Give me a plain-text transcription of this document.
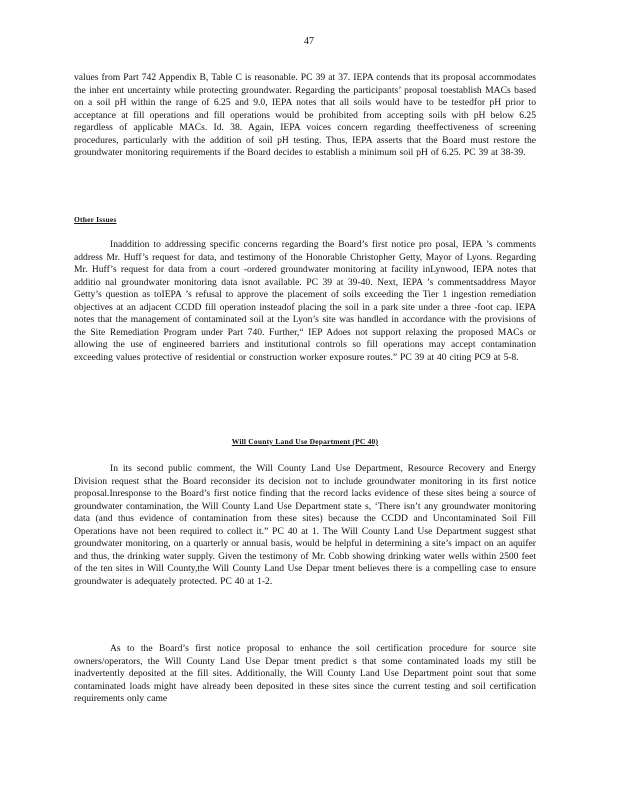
47

values from Part 742 Appendix B, Table C is reasonable. PC 39 at 37. IEPA contends that its proposal accommodates the inher ent uncertainty while protecting groundwater. Regarding the participants’ proposal toestablish MACs based on a soil pH within the range of 6.25 and 9.0, IEPA notes that all soils would have to be testedfor pH prior to acceptance at fill operations and fill operations would be prohibited from accepting soils with pH below 6.25 regardless of applicable MACs. Id. 38. Again, IEPA voices concern regarding theeffectiveness of screening procedures, particularly with the addition of soil pH testing. Thus, IEPA asserts that the Board must restore the groundwater monitoring requirements if the Board decides to establish a minimum soil pH of 6.25. PC 39 at 38-39.

Other Issues

Inaddition to addressing specific concerns regarding the Board’s first notice pro posal, IEPA ’s comments address Mr. Huff’s request for data, and testimony of the Honorable Christopher Getty, Mayor of Lyons. Regarding Mr. Huff’s request for data from a court -ordered groundwater monitoring at facility inLynwood, IEPA notes that additio nal groundwater monitoring data isnot available. PC 39 at 39-40. Next, IEPA ’s commentsaddress Mayor Getty’s question as toIEPA ’s refusal to approve the placement of soils exceeding the Tier 1 ingestion remediation objectives at an adjacent CCDD fill operation insteadof placing the soil in a park site under a three -foot cap. IEPA notes that the management of contaminated soil at the Lyon’s site was handled in accordance with the provisions of the Site Remediation Program under Part 740. Further,“ IEP Adoes not support relaxing the proposed MACs or allowing the use of engineered barriers and institutional controls so fill operations may accept contamination exceeding values protective of residential or construction worker exposure routes.” PC 39 at 40 citing PC9 at 5-8.

Will County Land Use Department (PC 40)

In its second public comment, the Will County Land Use Department, Resource Recovery and Energy Division request sthat the Board reconsider its decision not to include groundwater monitoring in its first notice proposal.Inresponse to the Board’s first notice finding that the record lacks evidence of these sites being a source of groundwater contamination, the Will County Land Use Department state s, ‘There isn’t any groundwater monitoring data (and thus evidence of contamination from these sites) because the CCDD and Uncontaminated Soil Fill Operations have not been required to collect it.” PC 40 at 1. The Will County Land Use Department suggest sthat groundwater monitoring, on a quarterly or annual basis, would be helpful in determining a site’s impact on an aquifer and thus, the drinking water supply. Given the testimony of Mr. Cobb showing drinking water wells within 2500 feet of the ten sites in Will County,the Will County Land Use Depar tment believes there is a compelling case to ensure groundwater is adequately protected. PC 40 at 1-2.

As to the Board’s first notice proposal to enhance the soil certification procedure for source site owners/operators, the Will County Land Use Depar tment predict s that some contaminated loads my still be inadvertently deposited at the fill sites. Additionally, the Will County Land Use Department point sout that some contaminated loads might have already been deposited in these sites since the current testing and soil certification requirements only came
